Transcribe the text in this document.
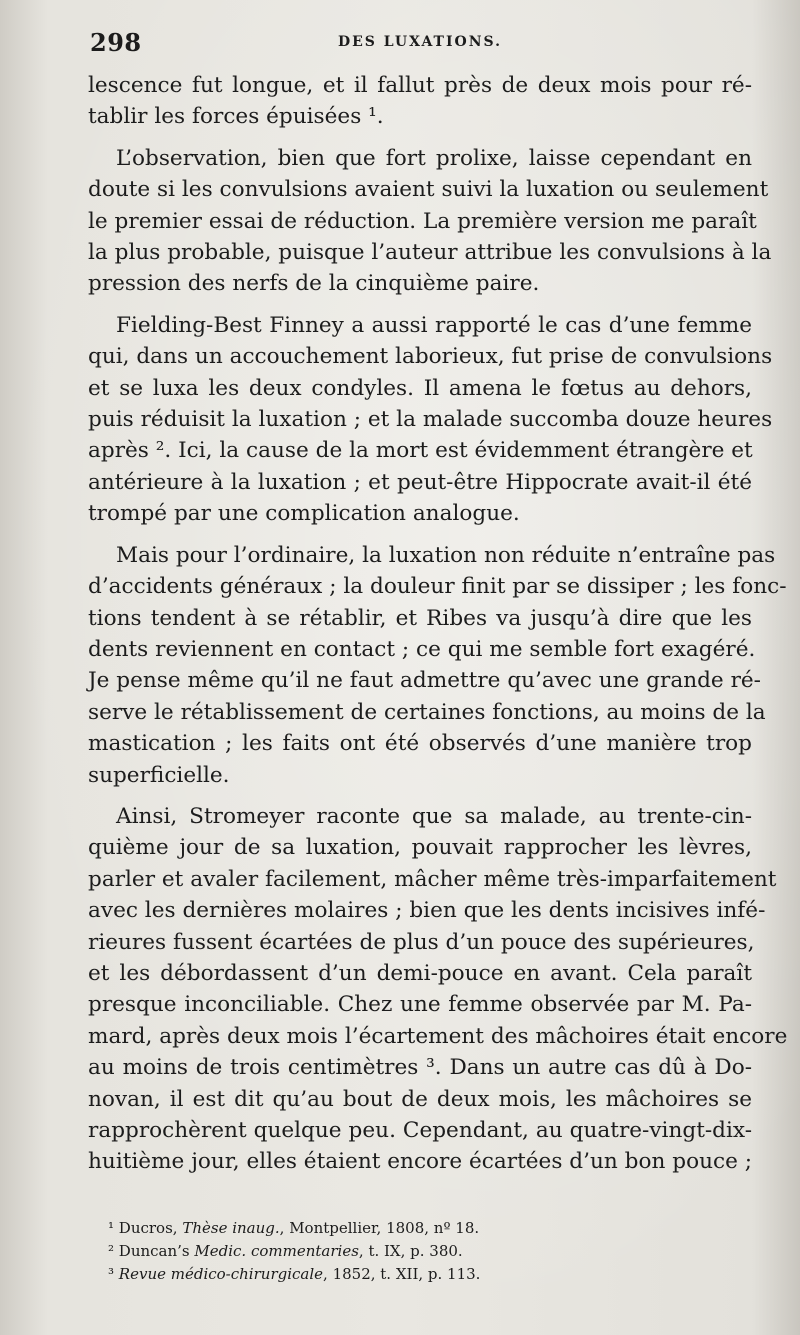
298	DES LUXATIONS.

lescence fut longue, et il fallut près de deux mois pour ré-
tablir les forces épuisées ¹.

L’observation, bien que fort prolixe, laisse cependant en
doute si les convulsions avaient suivi la luxation ou seulement
le premier essai de réduction. La première version me paraît
la plus probable, puisque l’auteur attribue les convulsions à la
pression des nerfs de la cinquième paire.

Fielding-Best Finney a aussi rapporté le cas d’une femme
qui, dans un accouchement laborieux, fut prise de convulsions
et se luxa les deux condyles. Il amena le fœtus au dehors,
puis réduisit la luxation ; et la malade succomba douze heures
après ². Ici, la cause de la mort est évidemment étrangère et
antérieure à la luxation ; et peut-être Hippocrate avait-il été
trompé par une complication analogue.

Mais pour l’ordinaire, la luxation non réduite n’entraîne pas
d’accidents généraux ; la douleur finit par se dissiper ; les fonc-
tions tendent à se rétablir, et Ribes va jusqu’à dire que les
dents reviennent en contact ; ce qui me semble fort exagéré.
Je pense même qu’il ne faut admettre qu’avec une grande ré-
serve le rétablissement de certaines fonctions, au moins de la
mastication ; les faits ont été observés d’une manière trop
superficielle.

Ainsi, Stromeyer raconte que sa malade, au trente-cin-
quième jour de sa luxation, pouvait rapprocher les lèvres,
parler et avaler facilement, mâcher même très-imparfaitement
avec les dernières molaires ; bien que les dents incisives infé-
rieures fussent écartées de plus d’un pouce des supérieures,
et les débordassent d’un demi-pouce en avant. Cela paraît
presque inconciliable. Chez une femme observée par M. Pa-
mard, après deux mois l’écartement des mâchoires était encore
au moins de trois centimètres ³. Dans un autre cas dû à Do-
novan, il est dit qu’au bout de deux mois, les mâchoires se
rapprochèrent quelque peu. Cependant, au quatre-vingt-dix-
huitième jour, elles étaient encore écartées d’un bon pouce ;

¹ Ducros, Thèse inaug., Montpellier, 1808, nº 18.
² Duncan’s Medic. commentaries, t. IX, p. 380.
³ Revue médico-chirurgicale, 1852, t. XII, p. 113.
